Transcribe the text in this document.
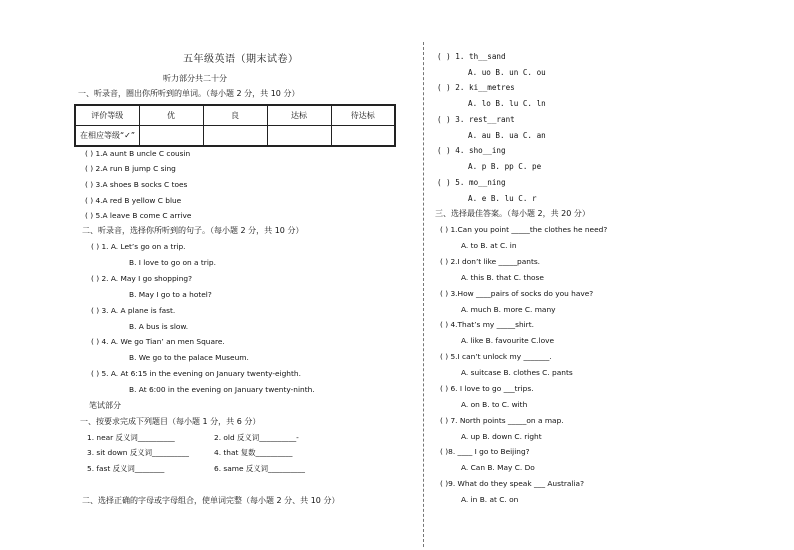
五年级英语（期末试卷）
听力部分共二十分
一、听录音，圈出你所听到的单词。（每小题 2 分，共 10 分）
评价等级	优	良	达标	待达标
在相应等级“✓”				
( ) 1.A aunt B uncle C cousin
( ) 2.A run B jump C sing
( ) 3.A shoes B socks C toes
( ) 4.A red B yellow C blue
( ) 5.A leave B come C arrive
二、听录音，选择你所听到的句子。（每小题 2 分，共 10 分）
( ) 1. A. Let’s go on a trip.
B. I love to go on a trip.
( ) 2. A. May I go shopping?
B. May I go to a hotel?
( ) 3. A. A plane is fast.
B. A bus is slow.
( ) 4. A. We go Tian’ an men Square.
B. We go to the palace Museum.
( ) 5. A. At 6:15 in the evening on January twenty-eighth.
B. At 6:00 in the evening on January twenty-ninth.
笔试部分
一、按要求完成下列题目（每小题 1 分，共 6 分）
1. near 反义词__________	2. old 反义词__________-
3. sit down 反义词__________	4. that 复数__________
5. fast 反义词________	6. same 反义词__________
二、选择正确的字母或字母组合，使单词完整（每小题 2 分、共 10 分）
( ) 1. th__sand
A. uo B. un C. ou
( ) 2. ki__metres
A. lo B. lu C. ln
( ) 3. rest__rant
A. au B. ua C. an
( ) 4. sho__ing
A. p B. pp C. pe
( ) 5. mo__ning
A. e B. lu C. r
三、选择最佳答案。（每小题 2，共 20 分）
( ) 1.Can you point _____the clothes he need?
A. to B. at C. in
( ) 2.I don’t like _____pants.
A. this B. that C. those
( ) 3.How ____pairs of socks do you have?
A. much B. more C. many
( ) 4.That’s my _____shirt.
A. like B. favourite C.love
( ) 5.I can’t unlock my _______.
A. suitcase B. clothes C. pants
( ) 6. I love to go ___trips.
A. on B. to C. with
( ) 7. North points _____on a map.
A. up B. down C. right
( )8. ____ I go to Beijing?
A. Can B. May C. Do
( )9. What do they speak ___ Australia?
A. in B. at C. on
